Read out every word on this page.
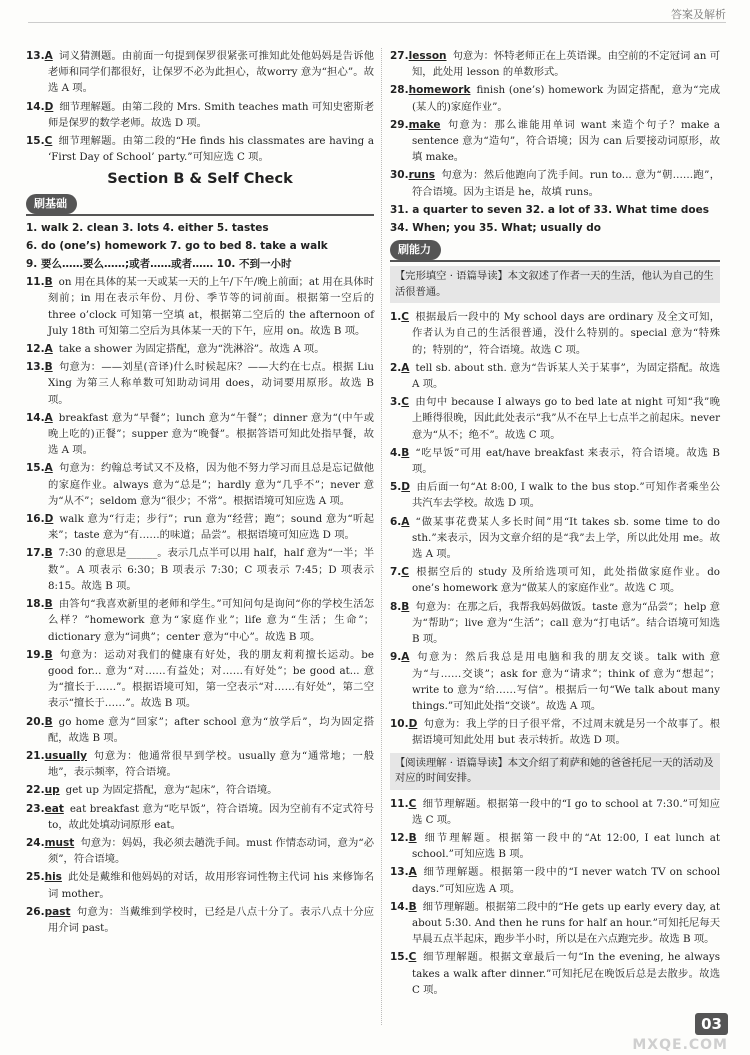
答案及解析
13.A 词义猜测题。由前面一句提到保罗很紧张可推知此处他妈妈是告诉他老师和同学们都很好，让保罗不必为此担心，故worry 意为“担心”。故选 A 项。
14.D 细节理解题。由第二段的 Mrs. Smith teaches math 可知史密斯老师是保罗的数学老师。故选 D 项。
15.C 细节理解题。由第二段的“He finds his classmates are having a ‘First Day of School’ party.”可知应选 C 项。
Section B & Self Check
刷基础
1. walk 2. clean 3. lots 4. either 5. tastes
6. do (one’s) homework 7. go to bed 8. take a walk
9. 要么……要么……;或者……或者…… 10. 不到一小时
11.B on 用在具体的某一天或某一天的上午/下午/晚上前面；at 用在具体时刻前；in 用在表示年份、月份、季节等的词前面。根据第一空后的 three o’clock 可知第一空填 at，根据第二空后的 the afternoon of July 18th 可知第二空后为具体某一天的下午，应用 on。故选 B 项。
12.A take a shower 为固定搭配，意为“洗淋浴”。故选 A 项。
13.B 句意为：——刘星(音译)什么时候起床？——大约在七点。根据 Liu Xing 为第三人称单数可知助动词用 does，动词要用原形。故选 B 项。
14.A breakfast 意为“早餐”；lunch 意为“午餐”；dinner 意为“(中午或晚上吃的)正餐”；supper 意为“晚餐”。根据答语可知此处指早餐，故选 A 项。
15.A 句意为：约翰总考试又不及格，因为他不努力学习而且总是忘记做他的家庭作业。always 意为“总是”；hardly 意为“几乎不”；never 意为“从不”；seldom 意为“很少；不常”。根据语境可知应选 A 项。
16.D walk 意为“行走；步行”；run 意为“经营；跑”；sound 意为“听起来”；taste 意为“有……的味道；品尝”。根据语境可知应选 D 项。
17.B 7:30 的意思是______。表示几点半可以用 half，half 意为“一半；半数”。A 项表示 6:30；B 项表示 7:30；C 项表示 7:45；D 项表示 8:15。故选 B 项。
18.B 由答句“我喜欢新里的老师和学生。”可知问句是询问“你的学校生活怎么样？”homework 意为“家庭作业”；life 意为“生活；生命”；dictionary 意为“词典”；center 意为“中心”。故选 B 项。
19.B 句意为：运动对我们的健康有好处，我的朋友莉莉擅长运动。be good for... 意为“对……有益处；对……有好处”；be good at... 意为“擅长于……”。根据语境可知，第一空表示“对……有好处”，第二空表示“擅长于……”。故选 B 项。
20.B go home 意为“回家”；after school 意为“放学后”，均为固定搭配，故选 B 项。
21.usually 句意为：他通常很早到学校。usually 意为“通常地；一般地”，表示频率，符合语境。
22.up get up 为固定搭配，意为“起床”，符合语境。
23.eat eat breakfast 意为“吃早饭”，符合语境。因为空前有不定式符号 to，故此处填动词原形 eat。
24.must 句意为：妈妈，我必须去趟洗手间。must 作情态动词，意为“必须”，符合语境。
25.his 此处是戴维和他妈妈的对话，故用形容词性物主代词 his 来修饰名词 mother。
26.past 句意为：当戴维到学校时，已经是八点十分了。表示八点十分应用介词 past。
27.lesson 句意为：怀特老师正在上英语课。由空前的不定冠词 an 可知，此处用 lesson 的单数形式。
28.homework finish (one’s) homework 为固定搭配，意为“完成(某人的)家庭作业”。
29.make 句意为：那么谁能用单词 want 来造个句子？make a sentence 意为“造句”，符合语境；因为 can 后要接动词原形，故填 make。
30.runs 句意为：然后他跑向了洗手间。run to... 意为“朝……跑”，符合语境。因为主语是 he，故填 runs。
31. a quarter to seven 32. a lot of 33. What time does
34. When; you 35. What; usually do
刷能力
【完形填空 · 语篇导读】本文叙述了作者一天的生活，他认为自己的生活很普通。
1.C 根据最后一段中的 My school days are ordinary 及全文可知，作者认为自己的生活很普通，没什么特别的。special 意为“特殊的；特别的”，符合语境。故选 C 项。
2.A tell sb. about sth. 意为“告诉某人关于某事”，为固定搭配。故选 A 项。
3.C 由句中 because I always go to bed late at night 可知“我”晚上睡得很晚，因此此处表示“我”从不在早上七点半之前起床。never 意为“从不；绝不”。故选 C 项。
4.B “吃早饭”可用 eat/have breakfast 来表示，符合语境。故选 B 项。
5.D 由后面一句“At 8:00, I walk to the bus stop.”可知作者乘坐公共汽车去学校。故选 D 项。
6.A “做某事花费某人多长时间”用“It takes sb. some time to do sth.”来表示，因为文章介绍的是“我”去上学，所以此处用 me。故选 A 项。
7.C 根据空后的 study 及所给选项可知，此处指做家庭作业。do one’s homework 意为“做某人的家庭作业”。故选 C 项。
8.B 句意为：在那之后，我帮我妈妈做饭。taste 意为“品尝”；help 意为“帮助”；live 意为“生活”；call 意为“打电话”。结合语境可知选 B 项。
9.A 句意为：然后我总是用电脑和我的朋友交谈。talk with 意为“与……交谈”；ask for 意为“请求”；think of 意为“想起”；write to 意为“给……写信”。根据后一句“We talk about many things.”可知此处指“交谈”。故选 A 项。
10.D 句意为：我上学的日子很平常，不过周末就是另一个故事了。根据语境可知此处用 but 表示转折。故选 D 项。
【阅读理解 · 语篇导读】本文介绍了莉萨和她的爸爸托尼一天的活动及对应的时间安排。
11.C 细节理解题。根据第一段中的“I go to school at 7:30.”可知应选 C 项。
12.B 细节理解题。根据第一段中的“At 12:00, I eat lunch at school.”可知应选 B 项。
13.A 细节理解题。根据第一段中的“I never watch TV on school days.”可知应选 A 项。
14.B 细节理解题。根据第二段中的“He gets up early every day, at about 5:30. And then he runs for half an hour.”可知托尼每天早晨五点半起床，跑步半小时，所以是在六点跑完步。故选 B 项。
15.C 细节理解题。根据文章最后一句“In the evening, he always takes a walk after dinner.”可知托尼在晚饭后总是去散步。故选 C 项。
03
MXQE.COM
